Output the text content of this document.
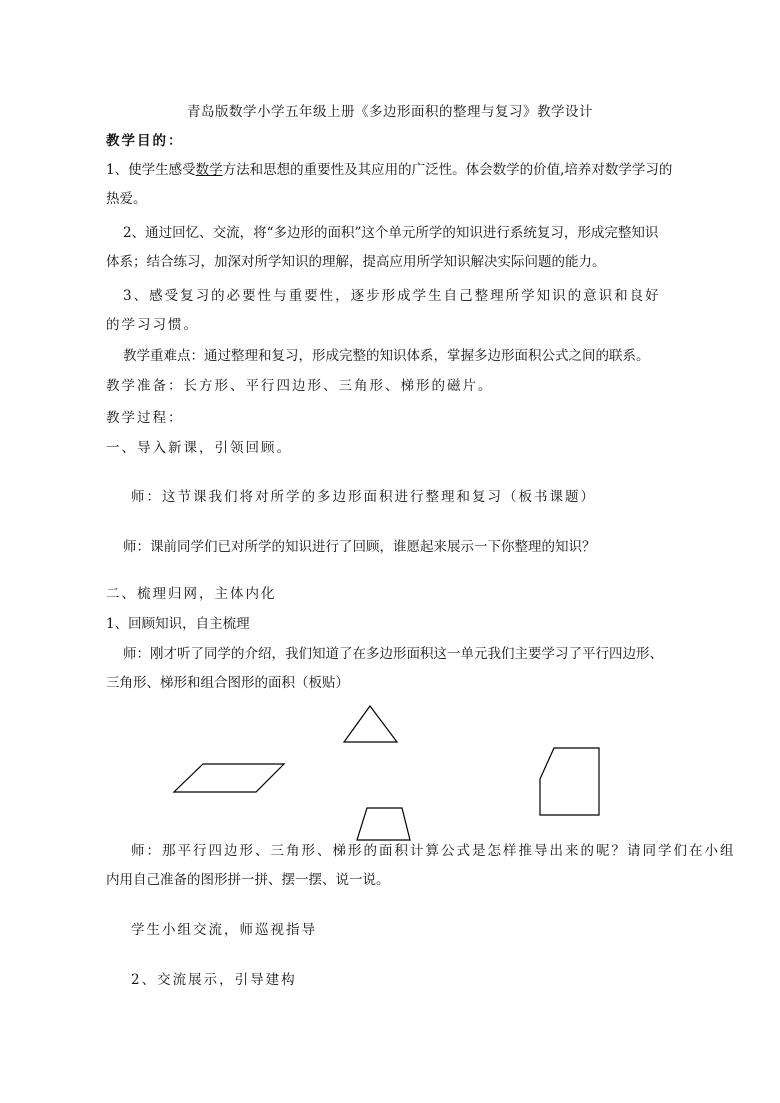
青岛版数学小学五年级上册《多边形面积的整理与复习》教学设计
教学目的：
1、使学生感受数学方法和思想的重要性及其应用的广泛性。体会数学的价值,培养对数学学习的
热爱。
2、通过回忆、交流，将“多边形的面积”这个单元所学的知识进行系统复习，形成完整知识
体系；结合练习，加深对所学知识的理解，提高应用所学知识解决实际问题的能力。
3、感受复习的必要性与重要性，逐步形成学生自己整理所学知识的意识和良好
的学习习惯。
教学重难点：通过整理和复习，形成完整的知识体系，掌握多边形面积公式之间的联系。
教学准备：长方形、平行四边形、三角形、梯形的磁片。
教学过程：
一、导入新课，引领回顾。
师：这节课我们将对所学的多边形面积进行整理和复习（板书课题）
师：课前同学们已对所学的知识进行了回顾，谁愿起来展示一下你整理的知识？
二、梳理归网，主体内化
1、回顾知识，自主梳理
师：刚才听了同学的介绍，我们知道了在多边形面积这一单元我们主要学习了平行四边形、
三角形、梯形和组合图形的面积（板贴）
师：那平行四边形、三角形、梯形的面积计算公式是怎样推导出来的呢？请同学们在小组
内用自己准备的图形拼一拼、摆一摆、说一说。
学生小组交流，师巡视指导
2、交流展示，引导建构
